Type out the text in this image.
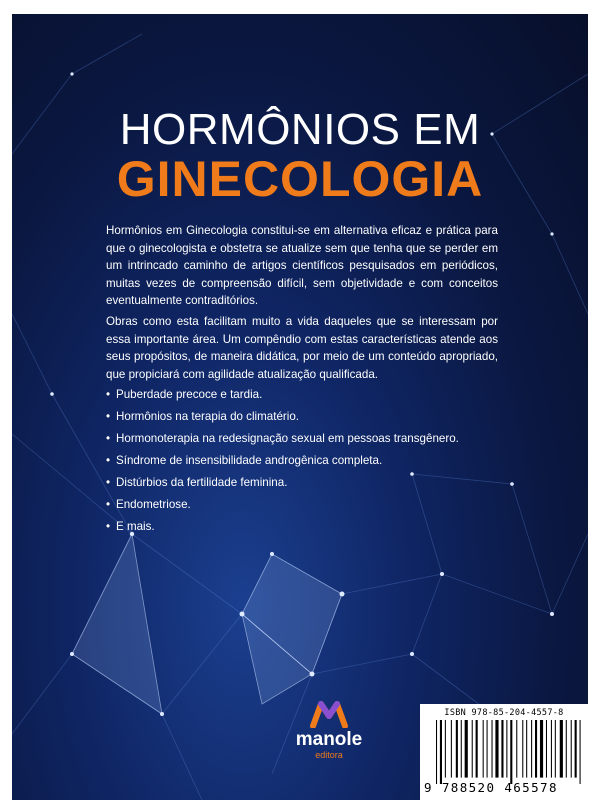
HORMÔNIOS EM
GINECOLOGIA

Hormônios em Ginecologia constitui-se em alternativa eficaz e prática para que o ginecologista e obstetra se atualize sem que tenha que se perder em um intrincado caminho de artigos científicos pesquisados em periódicos, muitas vezes de compreensão difícil, sem objetividade e com conceitos eventualmente contraditórios.

Obras como esta facilitam muito a vida daqueles que se interessam por essa importante área. Um compêndio com estas características atende aos seus propósitos, de maneira didática, por meio de um conteúdo apropriado, que propiciará com agilidade atualização qualificada.

• Puberdade precoce e tardia.
• Hormônios na terapia do climatério.
• Hormonoterapia na redesignação sexual em pessoas transgênero.
• Síndrome de insensibilidade androgênica completa.
• Distúrbios da fertilidade feminina.
• Endometriose.
• E mais.
manole
editora
ISBN 978-85-204-4557-8
9 788520 465578
